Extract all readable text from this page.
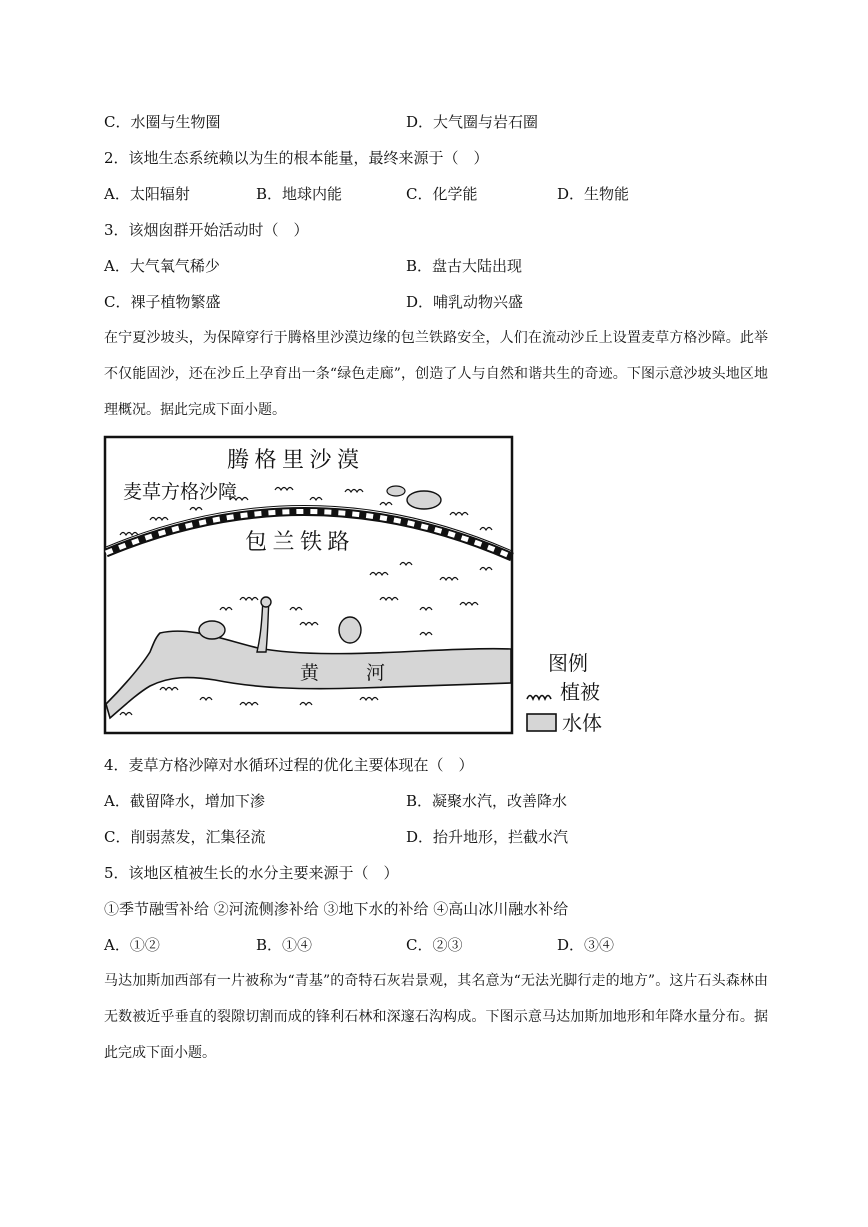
C．水圈与生物圈	D．大气圈与岩石圈
2．该地生态系统赖以为生的根本能量，最终来源于（　）
A．太阳辐射	B．地球内能	C．化学能	D．生物能
3．该烟囱群开始活动时（　）
A．大气氧气稀少	B．盘古大陆出现
C．裸子植物繁盛	D．哺乳动物兴盛
在宁夏沙坡头，为保障穿行于腾格里沙漠边缘的包兰铁路安全，人们在流动沙丘上设置麦草方格沙障。此举不仅能固沙，还在沙丘上孕育出一条“绿色走廊”，创造了人与自然和谐共生的奇迹。下图示意沙坡头地区地理概况。据此完成下面小题。
腾 格 里 沙 漠
麦草方格沙障
包 兰 铁 路
黄 河	图例
植被
水体
4．麦草方格沙障对水循环过程的优化主要体现在（　）
A．截留降水，增加下渗	B．凝聚水汽，改善降水
C．削弱蒸发，汇集径流	D．抬升地形，拦截水汽
5．该地区植被生长的水分主要来源于（　）
①季节融雪补给 ②河流侧渗补给 ③地下水的补给 ④高山冰川融水补给
A．①②	B．①④	C．②③	D．③④
马达加斯加西部有一片被称为“青基”的奇特石灰岩景观，其名意为“无法光脚行走的地方”。这片石头森林由无数被近乎垂直的裂隙切割而成的锋利石林和深邃石沟构成。下图示意马达加斯加地形和年降水量分布。据此完成下面小题。
